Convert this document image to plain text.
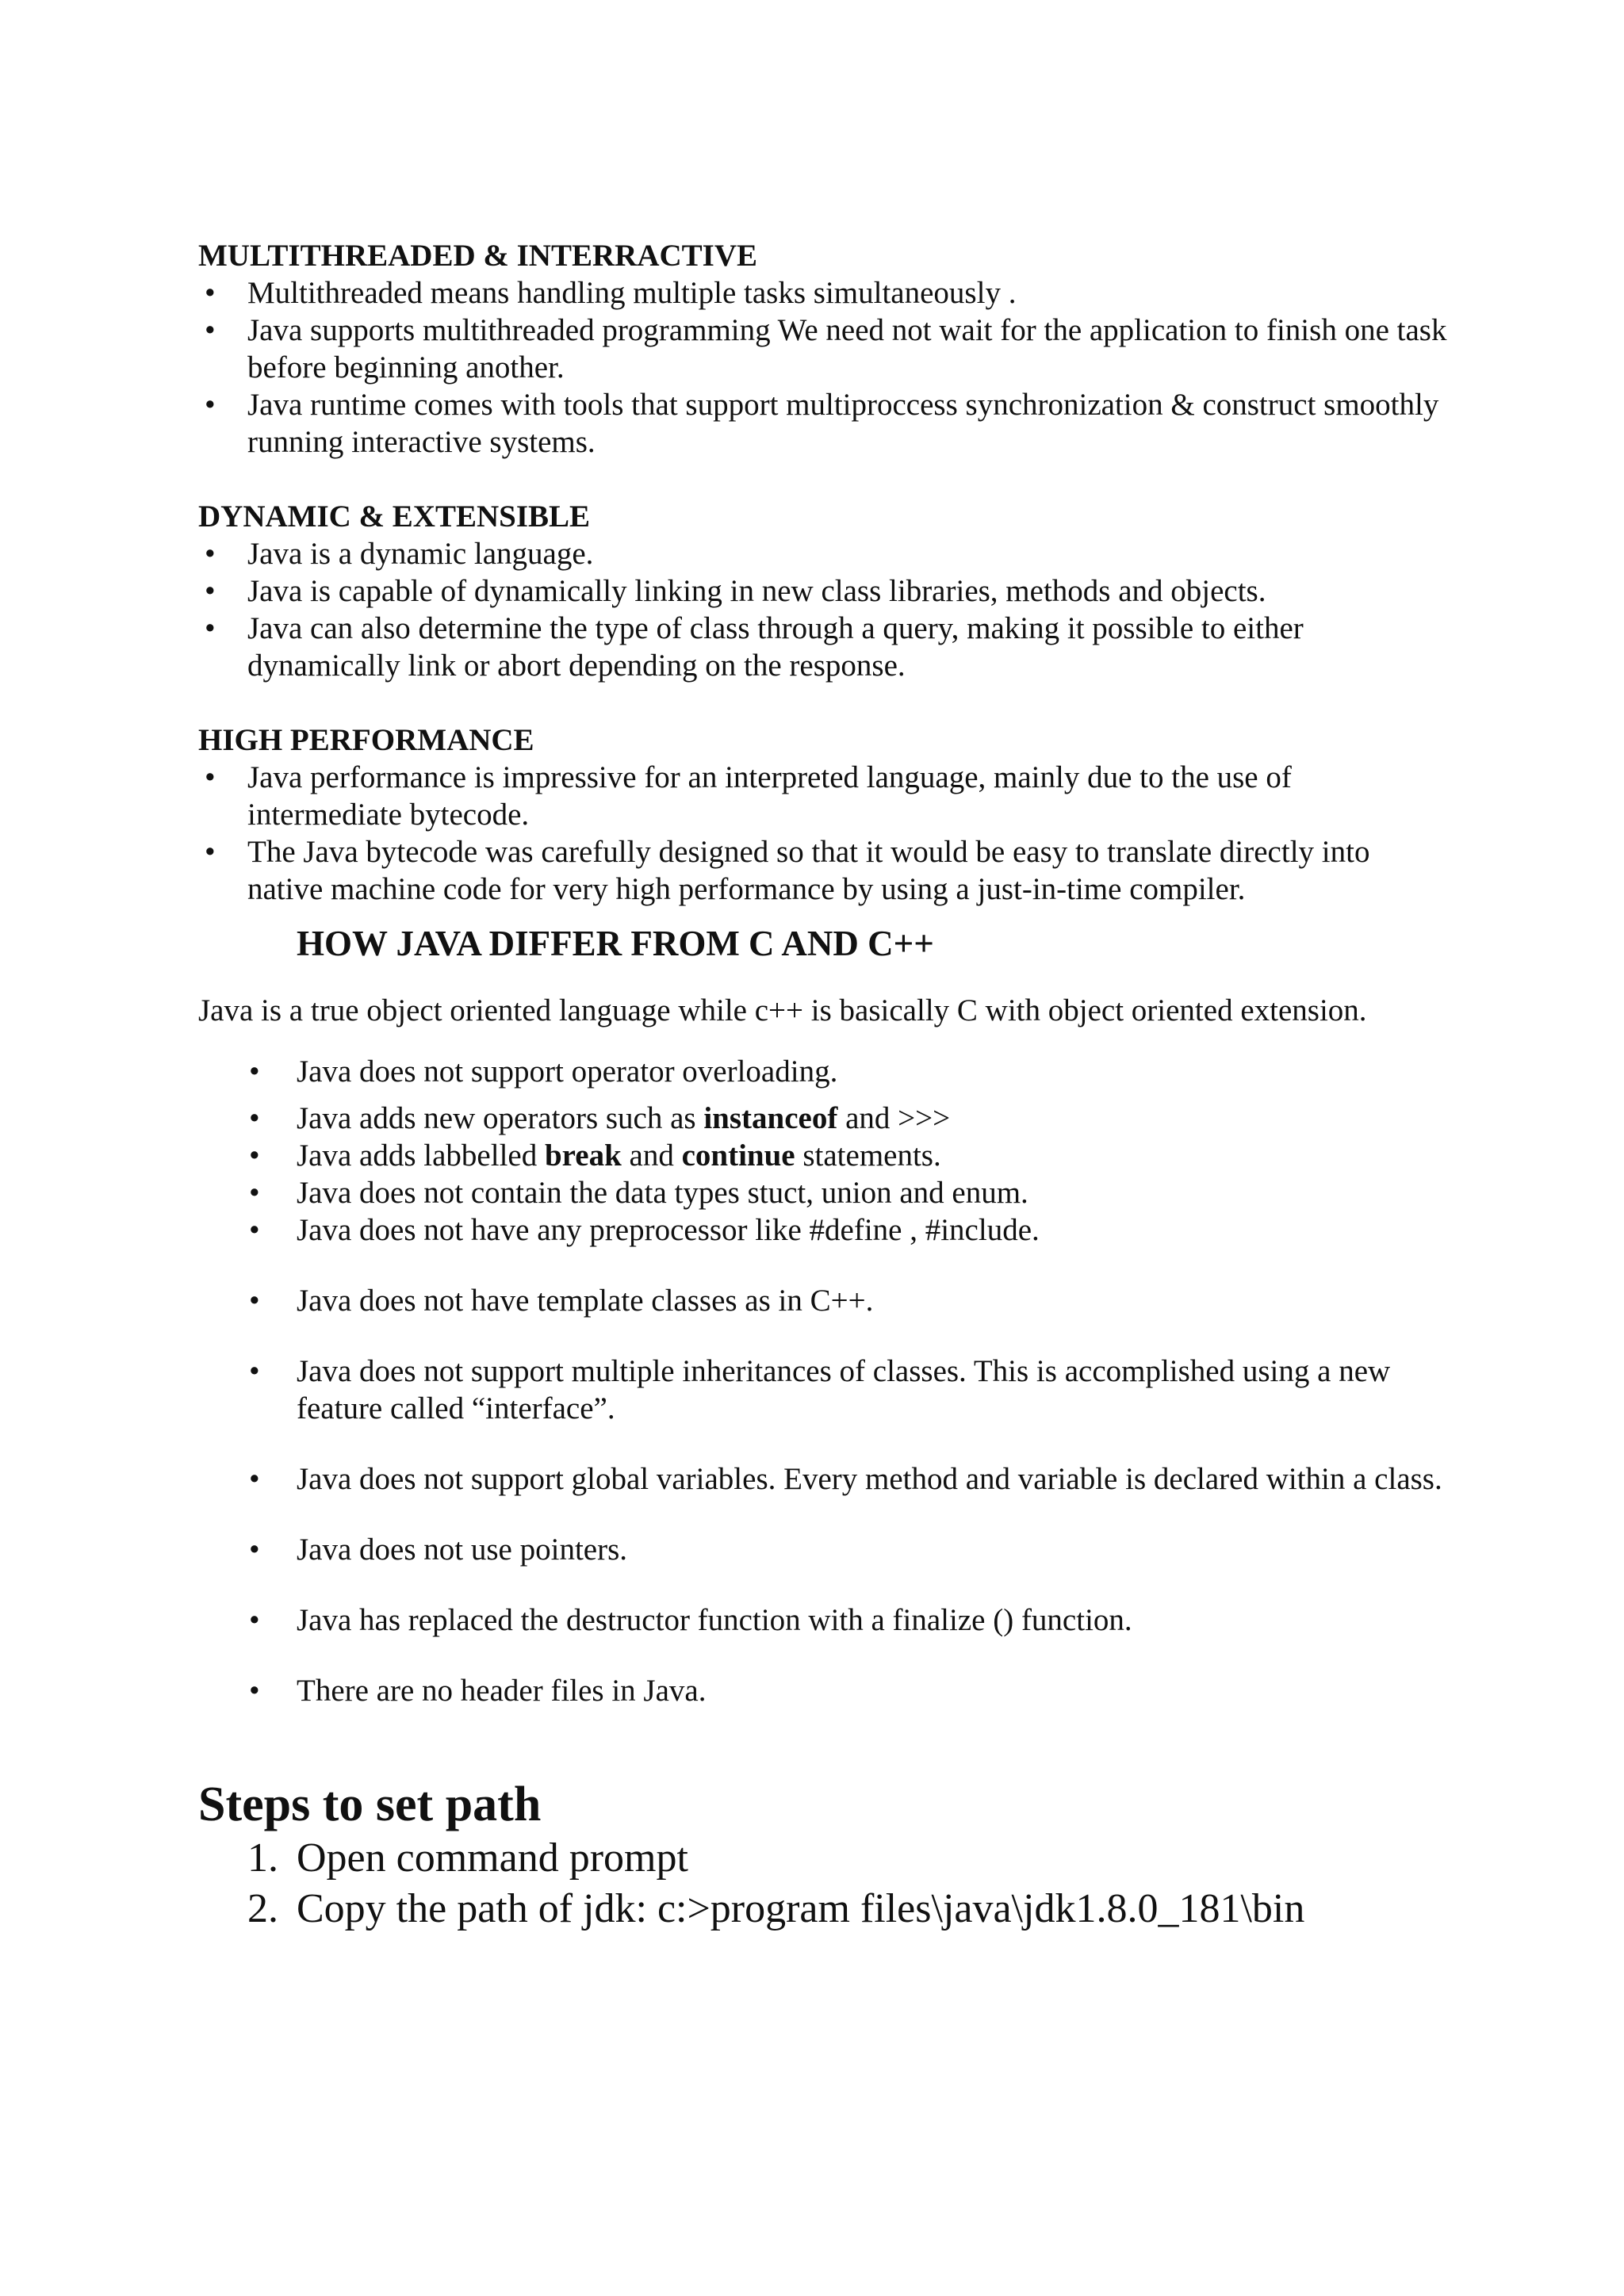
MULTITHREADED & INTERRACTIVE
• Multithreaded means handling multiple tasks simultaneously .
• Java supports multithreaded programming We need not wait for the application to finish one task before beginning another.
• Java runtime comes with tools that support multiproccess synchronization & construct smoothly running interactive systems.
DYNAMIC & EXTENSIBLE
• Java is a dynamic language.
• Java is capable of dynamically linking in new class libraries, methods and objects.
• Java can also determine the type of class through a query, making it possible to either dynamically link or abort depending on the response.
HIGH PERFORMANCE
• Java performance is impressive for an interpreted language, mainly due to the use of intermediate bytecode.
• The Java bytecode was carefully designed so that it would be easy to translate directly into native machine code for very high performance by using a just-in-time compiler.
HOW JAVA DIFFER FROM C AND C++
Java is a true object oriented language while c++ is basically C with object oriented extension.
• Java does not support operator overloading.
• Java adds new operators such as instanceof and >>>
• Java adds labbelled break and continue statements.
• Java does not contain the data types stuct, union and enum.
• Java does not have any preprocessor like #define , #include.
• Java does not have template classes as in C++.
• Java does not support multiple inheritances of classes. This is accomplished using a new feature called “interface”.
• Java does not support global variables. Every method and variable is declared within a class.
• Java does not use pointers.
• Java has replaced the destructor function with a finalize () function.
• There are no header files in Java.
Steps to set path
1. Open command prompt
2. Copy the path of jdk: c:>program files\java\jdk1.8.0_181\bin
